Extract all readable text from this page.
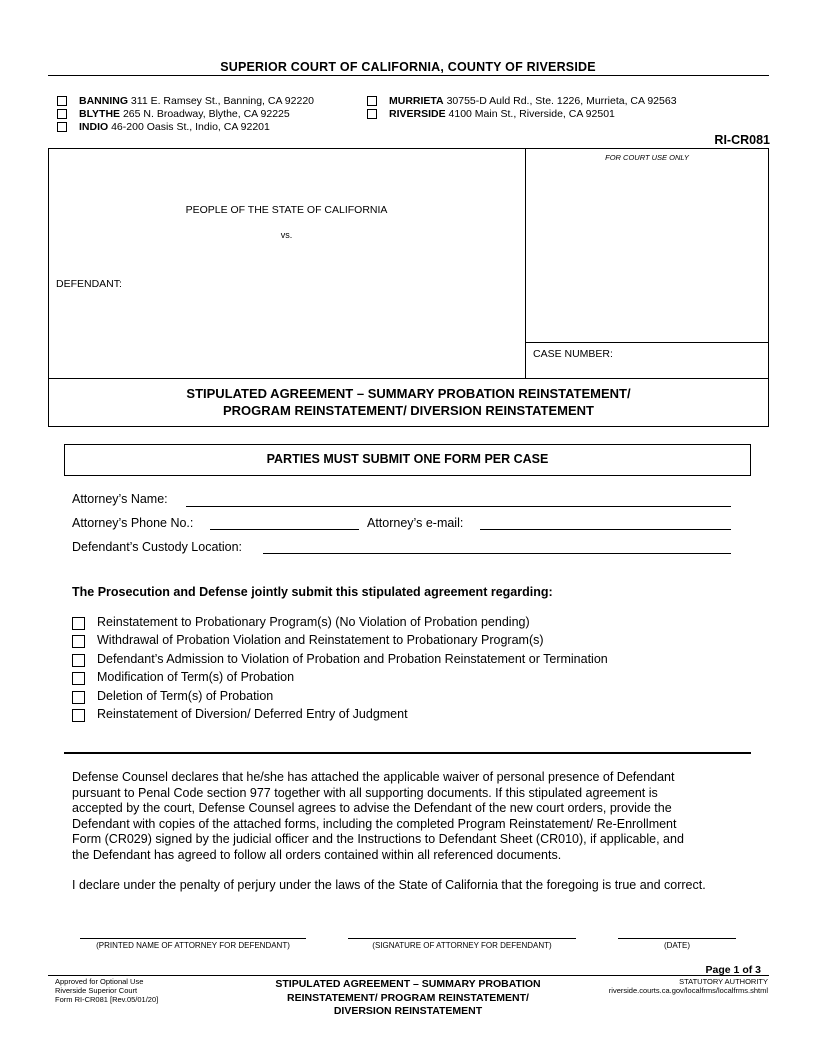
SUPERIOR COURT OF CALIFORNIA, COUNTY OF RIVERSIDE
BANNING 311 E. Ramsey St., Banning, CA 92220
BLYTHE 265 N. Broadway, Blythe, CA 92225
INDIO 46-200 Oasis St., Indio, CA 92201
MURRIETA 30755-D Auld Rd., Ste. 1226, Murrieta, CA 92563
RIVERSIDE 4100 Main St., Riverside, CA 92501
RI-CR081
FOR COURT USE ONLY
PEOPLE OF THE STATE OF CALIFORNIA
vs.
DEFENDANT:
CASE NUMBER:
STIPULATED AGREEMENT – SUMMARY PROBATION REINSTATEMENT/
PROGRAM REINSTATEMENT/ DIVERSION REINSTATEMENT
PARTIES MUST SUBMIT ONE FORM PER CASE
Attorney’s Name:
Attorney’s Phone No.:	Attorney’s e-mail:
Defendant’s Custody Location:
The Prosecution and Defense jointly submit this stipulated agreement regarding:
Reinstatement to Probationary Program(s) (No Violation of Probation pending)
Withdrawal of Probation Violation and Reinstatement to Probationary Program(s)
Defendant’s Admission to Violation of Probation and Probation Reinstatement or Termination
Modification of Term(s) of Probation
Deletion of Term(s) of Probation
Reinstatement of Diversion/ Deferred Entry of Judgment
Defense Counsel declares that he/she has attached the applicable waiver of personal presence of Defendant
pursuant to Penal Code section 977 together with all supporting documents. If this stipulated agreement is
accepted by the court, Defense Counsel agrees to advise the Defendant of the new court orders, provide the
Defendant with copies of the attached forms, including the completed Program Reinstatement/ Re-Enrollment
Form (CR029) signed by the judicial officer and the Instructions to Defendant Sheet (CR010), if applicable, and
the Defendant has agreed to follow all orders contained within all referenced documents.
I declare under the penalty of perjury under the laws of the State of California that the foregoing is true and correct.
(PRINTED NAME OF ATTORNEY FOR DEFENDANT)	(SIGNATURE OF ATTORNEY FOR DEFENDANT)	(DATE)
Page 1 of 3
Approved for Optional Use
Riverside Superior Court
Form RI-CR081 [Rev.05/01/20]
STIPULATED AGREEMENT – SUMMARY PROBATION
REINSTATEMENT/ PROGRAM REINSTATEMENT/
DIVERSION REINSTATEMENT
STATUTORY AUTHORITY
riverside.courts.ca.gov/localfrms/localfrms.shtml
